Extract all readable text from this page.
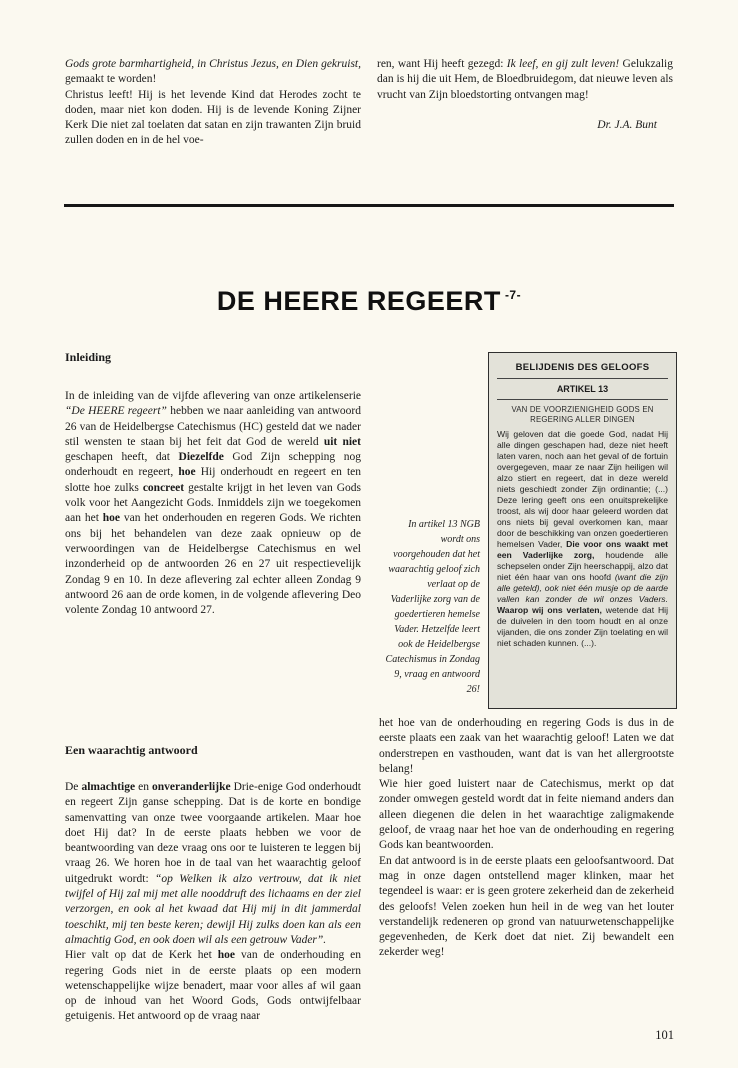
Gods grote barmhartigheid, in Christus Jezus, en Dien gekruist, gemaakt te worden!
Christus leeft! Hij is het levende Kind dat Herodes zocht te doden, maar niet kon doden. Hij is de levende Koning Zijner Kerk Die niet zal toelaten dat satan en zijn trawanten Zijn bruid zullen doden en in de hel voe-
ren, want Hij heeft gezegd: Ik leef, en gij zult leven! Gelukzalig dan is hij die uit Hem, de Bloedbruidegom, dat nieuwe leven als vrucht van Zijn bloedstorting ontvangen mag!
Dr. J.A. Bunt
DE HEERE REGEERT $^{-7-}$
Inleiding

In de inleiding van de vijfde aflevering van onze artikelenserie “De HEERE regeert” hebben we naar aanleiding van antwoord 26 van de Heidelbergse Catechismus (HC) gesteld dat we nader stil wensten te staan bij het feit dat God de wereld uit niet geschapen heeft, dat Diezelfde God Zijn schepping nog onderhoudt en regeert, hoe Hij onderhoudt en regeert en ten slotte hoe zulks concreet gestalte krijgt in het leven van Gods volk voor het Aangezicht Gods. Inmiddels zijn we toegekomen aan het hoe van het onderhouden en regeren Gods. We richten ons bij het behandelen van deze zaak opnieuw op de verwoordingen van de Heidelbergse Catechismus en wel inzonderheid op de antwoorden 26 en 27 uit respectievelijk Zondag 9 en 10. In deze aflevering zal echter alleen Zondag 9 antwoord 26 aan de orde komen, in de volgende aflevering Deo volente Zondag 10 antwoord 27.

Een waarachtig antwoord

De almachtige en onveranderlijke Drie-enige God onderhoudt en regeert Zijn ganse schepping. Dat is de korte en bondige samenvatting van onze twee voorgaande artikelen. Maar hoe doet Hij dat? In de eerste plaats hebben we voor de beantwoording van deze vraag ons oor te luisteren te leggen bij vraag 26. We horen hoe in de taal van het waarachtig geloof uitgedrukt wordt: “op Welken ik alzo vertrouw, dat ik niet twijfel of Hij zal mij met alle nooddruft des lichaams en der ziel verzorgen, en ook al het kwaad dat Hij mij in dit jammerdal toeschikt, mij ten beste keren; dewijl Hij zulks doen kan als een almachtig God, en ook doen wil als een getrouw Vader”.

Hier valt op dat de Kerk het hoe van de onderhouding en regering Gods niet in de eerste plaats op een modern wetenschappelijke wijze benadert, maar voor alles af wil gaan op de inhoud van het Woord Gods, Gods ontwijfelbaar getuigenis. Het antwoord op de vraag naar

In artikel 13 NGB wordt ons voorgehouden dat het waarachtig geloof zich verlaat op de Vaderlijke zorg van de goedertieren hemelse Vader. Hetzelfde leert ook de Heidelbergse Catechismus in Zondag 9, vraag en antwoord 26!
BELIJDENIS DES GELOOFS
ARTIKEL 13
VAN DE VOORZIENIGHEID GODS EN REGERING ALLER DINGEN
Wij geloven dat die goede God, nadat Hij alle dingen geschapen had, deze niet heeft laten varen, noch aan het geval of de fortuin overgegeven, maar ze naar Zijn heiligen wil alzo stiert en regeert, dat in deze wereld niets geschiedt zonder Zijn ordinantie; (...) Deze lering geeft ons een onuitsprekelijke troost, als wij door haar geleerd worden dat ons niets bij geval overkomen kan, maar door de beschikking van onzen goedertieren hemelsen Vader, Die voor ons waakt met een Vaderlijke zorg, houdende alle schepselen onder Zijn heerschappij, alzo dat niet één haar van ons hoofd (want die zijn alle geteld), ook niet één musje op de aarde vallen kan zonder de wil onzes Vaders. Waarop wij ons verlaten, wetende dat Hij de duivelen in den toom houdt en al onze vijanden, die ons zonder Zijn toelating en wil niet schaden kunnen. (...).

het hoe van de onderhouding en regering Gods is dus in de eerste plaats een zaak van het waarachtig geloof! Laten we dat onderstrepen en vasthouden, want dat is van het allergrootste belang!

Wie hier goed luistert naar de Catechismus, merkt op dat zonder omwegen gesteld wordt dat in feite niemand anders dan alleen diegenen die delen in het waarachtige zaligmakende geloof, de vraag naar het hoe van de onderhouding en regering Gods kan beantwoorden.

En dat antwoord is in de eerste plaats een geloofsantwoord. Dat mag in onze dagen ontstellend mager klinken, maar het tegendeel is waar: er is geen grotere zekerheid dan de zekerheid des geloofs! Velen zoeken hun heil in de weg van het louter verstandelijk redeneren op grond van natuurwetenschappelijke gegevenheden, de Kerk doet dat niet. Zij bewandelt een zekerder weg!

101
